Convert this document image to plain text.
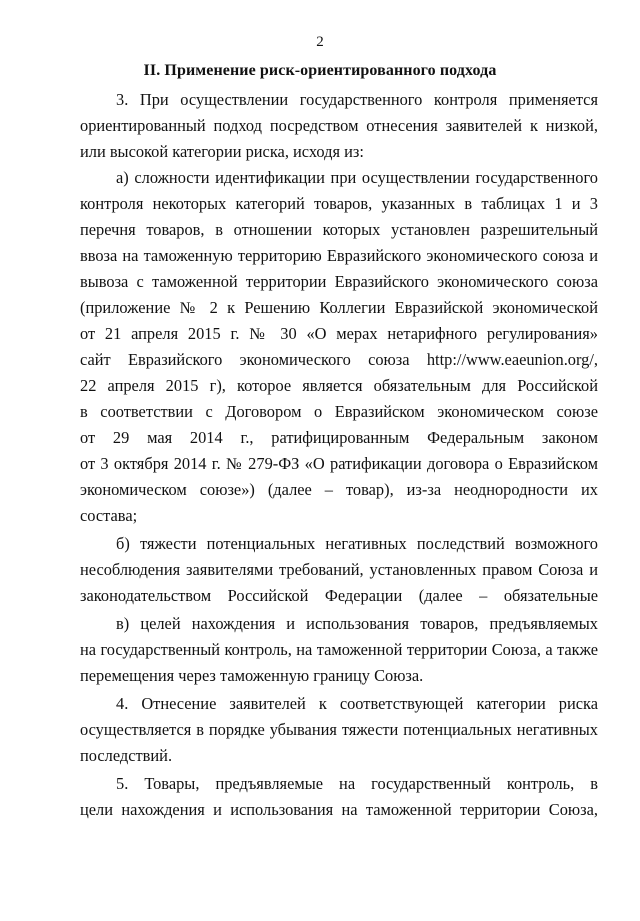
2
II. Применение риск-ориентированного подхода
3. При осуществлении государственного контроля применяется
ориентированный подход посредством отнесения заявителей к низкой,
или высокой категории риска, исходя из:
а) сложности идентификации при осуществлении государственного
контроля некоторых категорий товаров, указанных в таблицах 1 и 3
перечня товаров, в отношении которых установлен разрешительный
ввоза на таможенную территорию Евразийского экономического союза и
вывоза с таможенной территории Евразийского экономического союза
(приложение № 2 к Решению Коллегии Евразийской экономической
от 21 апреля 2015 г. № 30 «О мерах нетарифного регулирования»
сайт Евразийского экономического союза http://www.eaeunion.org/,
22 апреля 2015 г), которое является обязательным для Российской
в соответствии с Договором о Евразийском экономическом союзе
от 29 мая 2014 г., ратифицированным Федеральным законом
от 3 октября 2014 г. № 279-ФЗ «О ратификации договора о Евразийском
экономическом союзе») (далее – товар), из-за неоднородности их
состава;
б) тяжести потенциальных негативных последствий возможного
несоблюдения заявителями требований, установленных правом Союза и
законодательством Российской Федерации (далее – обязательные
в) целей нахождения и использования товаров, предъявляемых
на государственный контроль, на таможенной территории Союза, а также
перемещения через таможенную границу Союза.
4. Отнесение заявителей к соответствующей категории риска
осуществляется в порядке убывания тяжести потенциальных негативных
последствий.
5. Товары, предъявляемые на государственный контроль, в
цели нахождения и использования на таможенной территории Союза,
